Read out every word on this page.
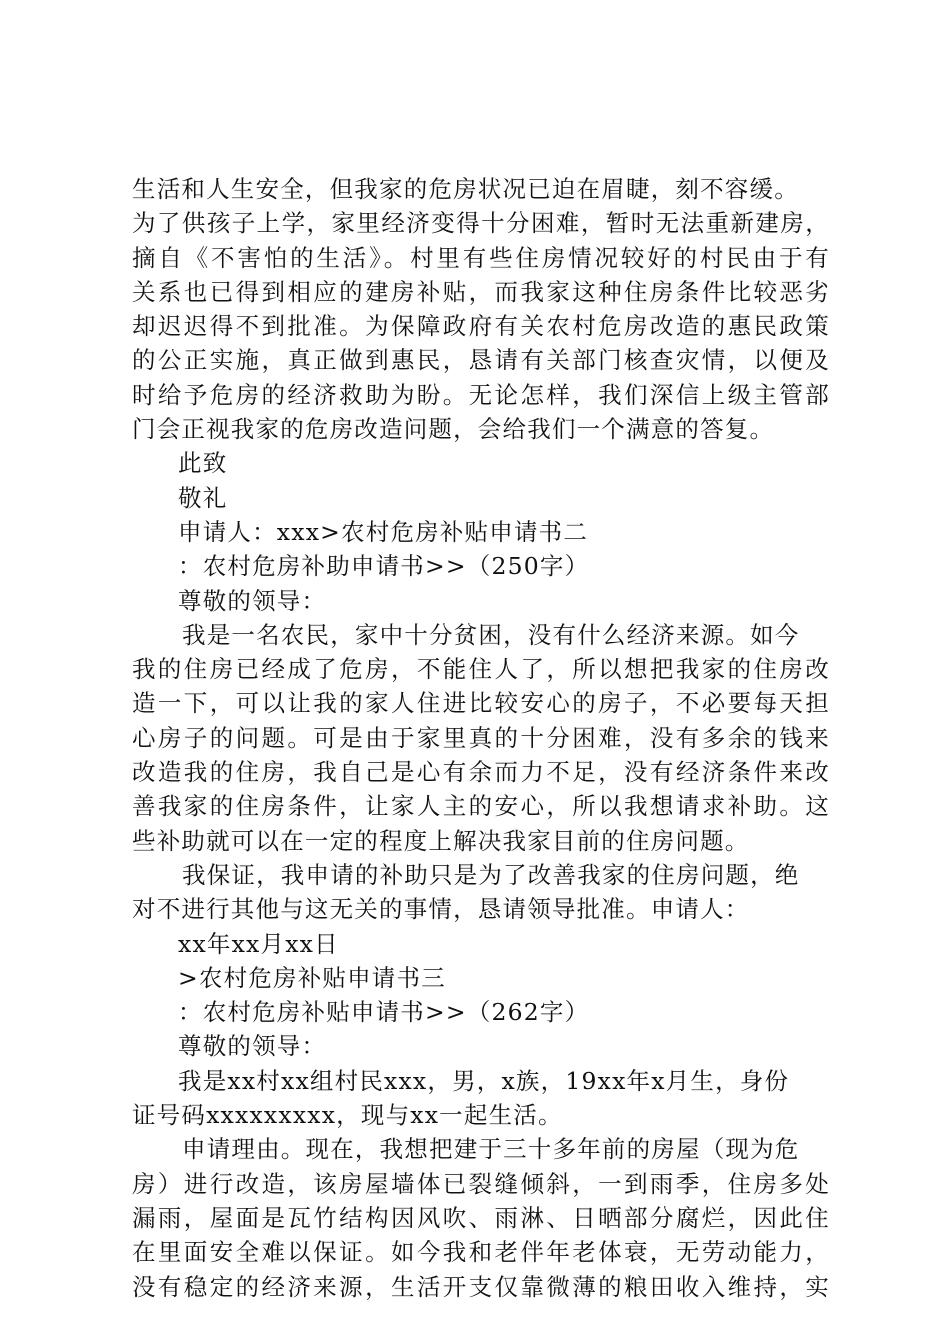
生活和人生安全，但我家的危房状况已迫在眉睫，刻不容缓。
为了供孩子上学，家里经济变得十分困难，暂时无法重新建房，
摘自《不害怕的生活》。村里有些住房情况较好的村民由于有
关系也已得到相应的建房补贴，而我家这种住房条件比较恶劣
却迟迟得不到批准。为保障政府有关农村危房改造的惠民政策
的公正实施，真正做到惠民，恳请有关部门核查灾情，以便及
时给予危房的经济救助为盼。无论怎样，我们深信上级主管部
门会正视我家的危房改造问题，会给我们一个满意的答复。
此致
敬礼
申请人：xxx>农村危房补贴申请书二
：农村危房补助申请书>>（250字）
尊敬的领导：
我是一名农民，家中十分贫困，没有什么经济来源。如今
我的住房已经成了危房，不能住人了，所以想把我家的住房改
造一下，可以让我的家人住进比较安心的房子，不必要每天担
心房子的问题。可是由于家里真的十分困难，没有多余的钱来
改造我的住房，我自己是心有余而力不足，没有经济条件来改
善我家的住房条件，让家人主的安心，所以我想请求补助。这
些补助就可以在一定的程度上解决我家目前的住房问题。
我保证，我申请的补助只是为了改善我家的住房问题，绝
对不进行其他与这无关的事情，恳请领导批准。申请人：
xx年xx月xx日
>农村危房补贴申请书三
：农村危房补贴申请书>>（262字）
尊敬的领导：
我是xx村xx组村民xxx，男，x族，19xx年x月生，身份
证号码xxxxxxxxx，现与xx一起生活。
申请理由。现在，我想把建于三十多年前的房屋（现为危
房）进行改造，该房屋墙体已裂缝倾斜，一到雨季，住房多处
漏雨，屋面是瓦竹结构因风吹、雨淋、日晒部分腐烂，因此住
在里面安全难以保证。如今我和老伴年老体衰，无劳动能力，
没有稳定的经济来源，生活开支仅靠微薄的粮田收入维持，实
